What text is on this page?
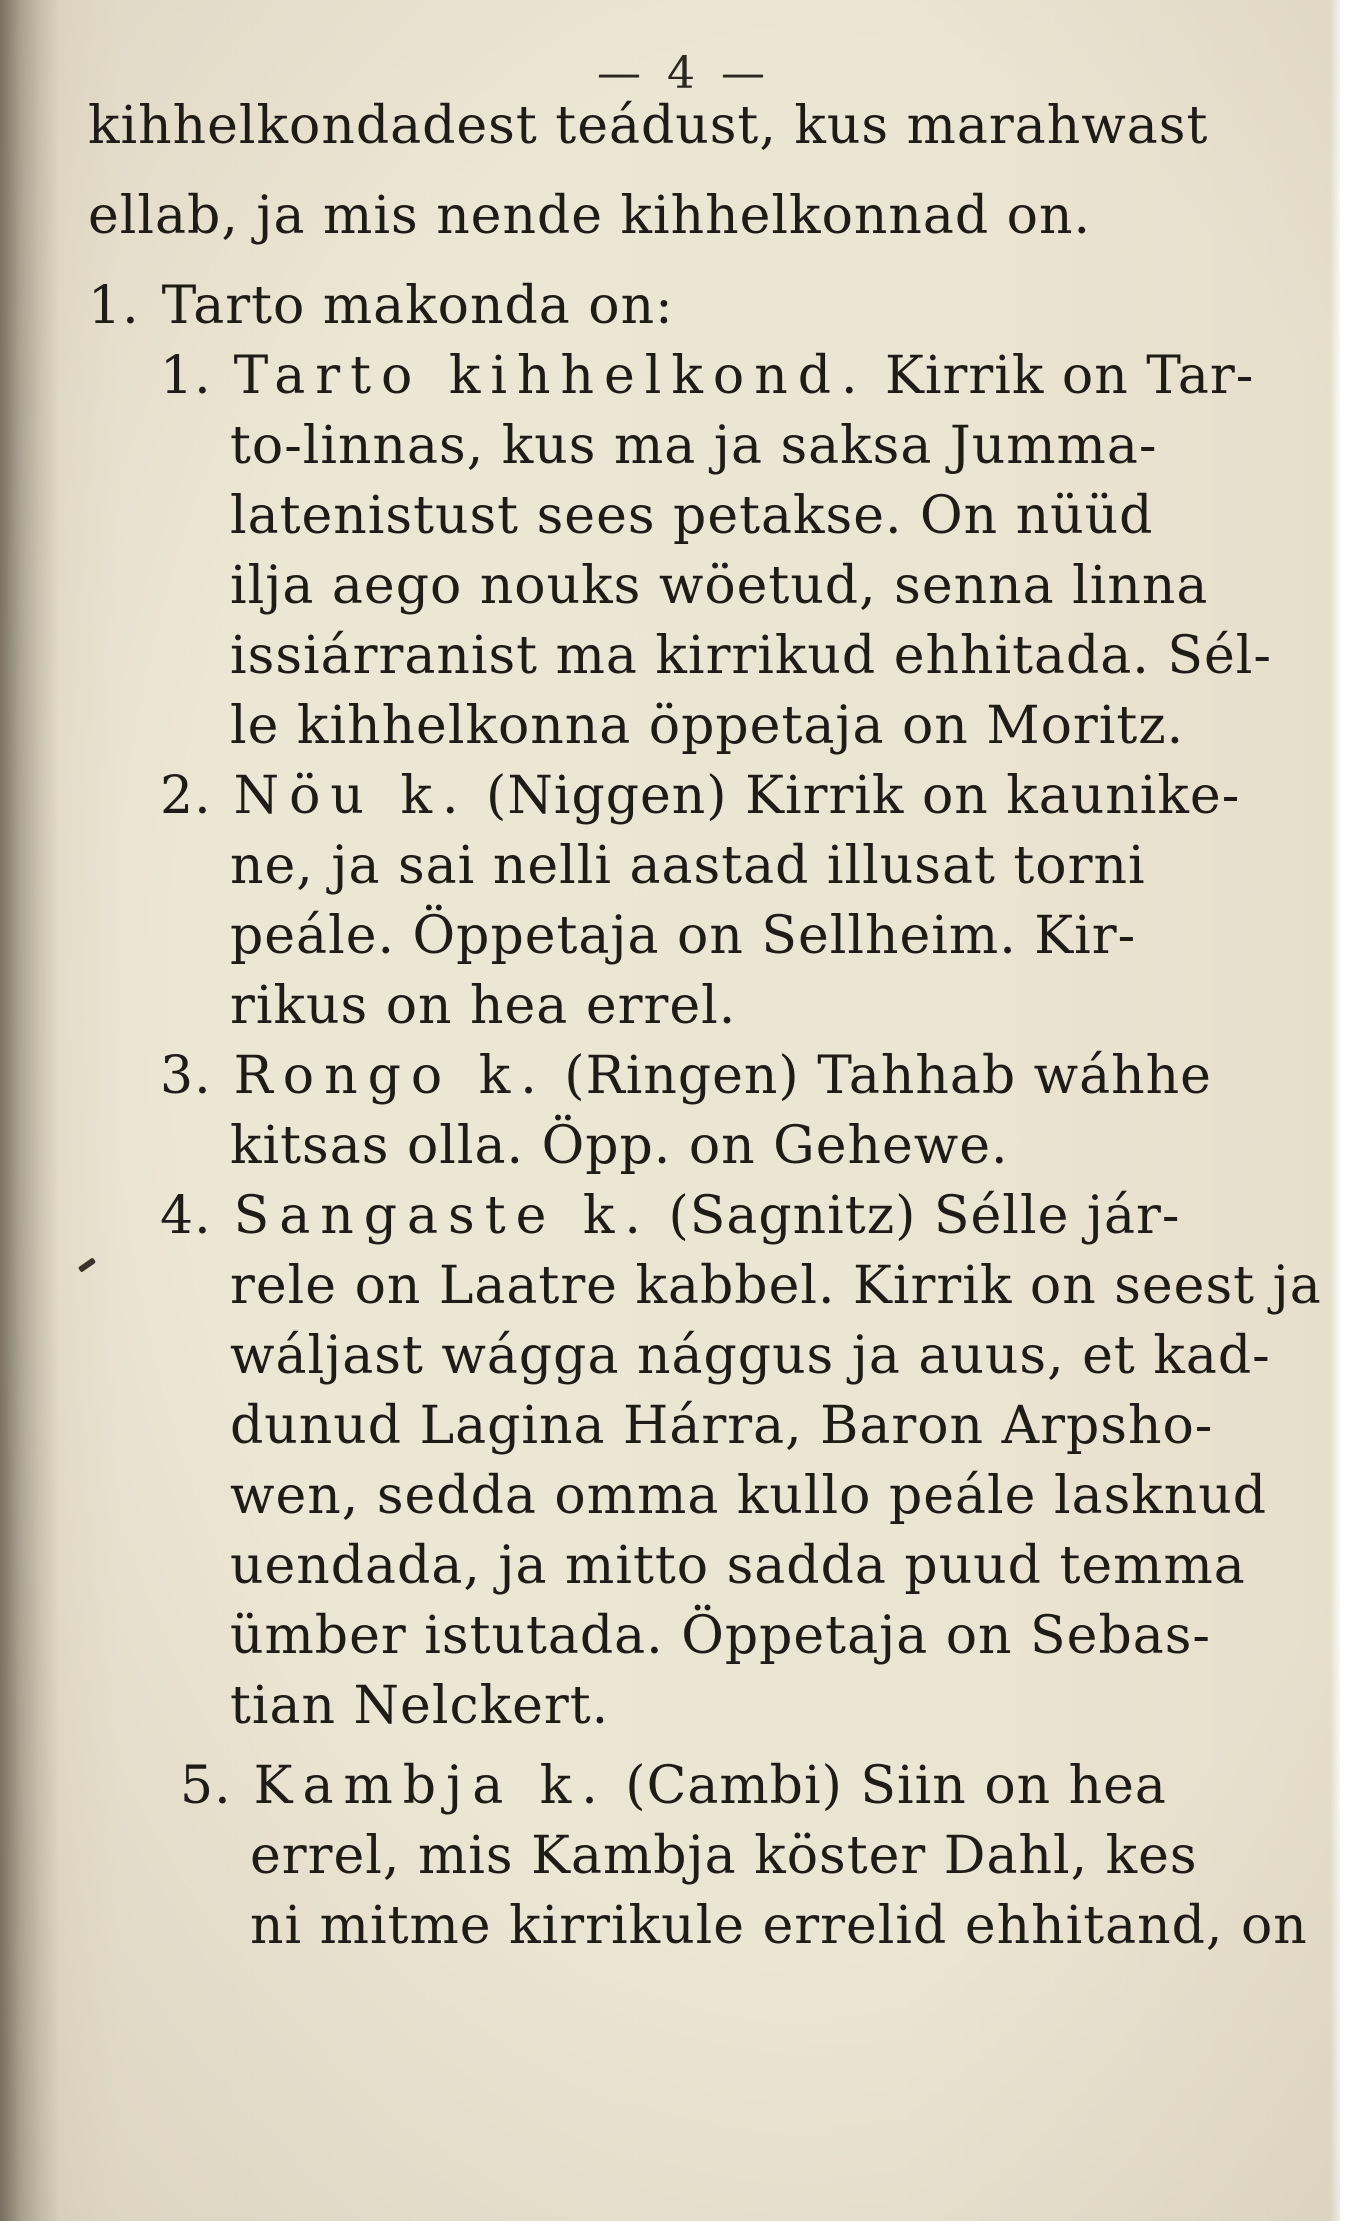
— 4 —
kihhelkondadest teádust, kus marahwast
ellab, ja mis nende kihhelkonnad on.
1. Tarto makonda on:
1. Tarto kihhelkond. Kirrik on Tar-
to-linnas, kus ma ja saksa Jumma-
latenistust sees petakse. On nüüd
ilja aego nouks wöetud, senna linna
issiárranist ma kirrikud ehhitada. Sél-
le kihhelkonna öppetaja on Moritz.
2. Nöu k. (Niggen) Kirrik on kaunike-
ne, ja sai nelli aastad illusat torni
peále. Öppetaja on Sellheim. Kir-
rikus on hea errel.
3. Rongo k. (Ringen) Tahhab wáhhe
kitsas olla. Öpp. on Gehewe.
4. Sangaste k. (Sagnitz) Sélle jár-
rele on Laatre kabbel. Kirrik on seest ja
wáljast wágga nággus ja auus, et kad-
dunud Lagina Hárra, Baron Arpsho-
wen, sedda omma kullo peále lasknud
uendada, ja mitto sadda puud temma
ümber istutada. Öppetaja on Sebas-
tian Nelckert.
5. Kambja k. (Cambi) Siin on hea
errel, mis Kambja köster Dahl, kes
ni mitme kirrikule errelid ehhitand, on
